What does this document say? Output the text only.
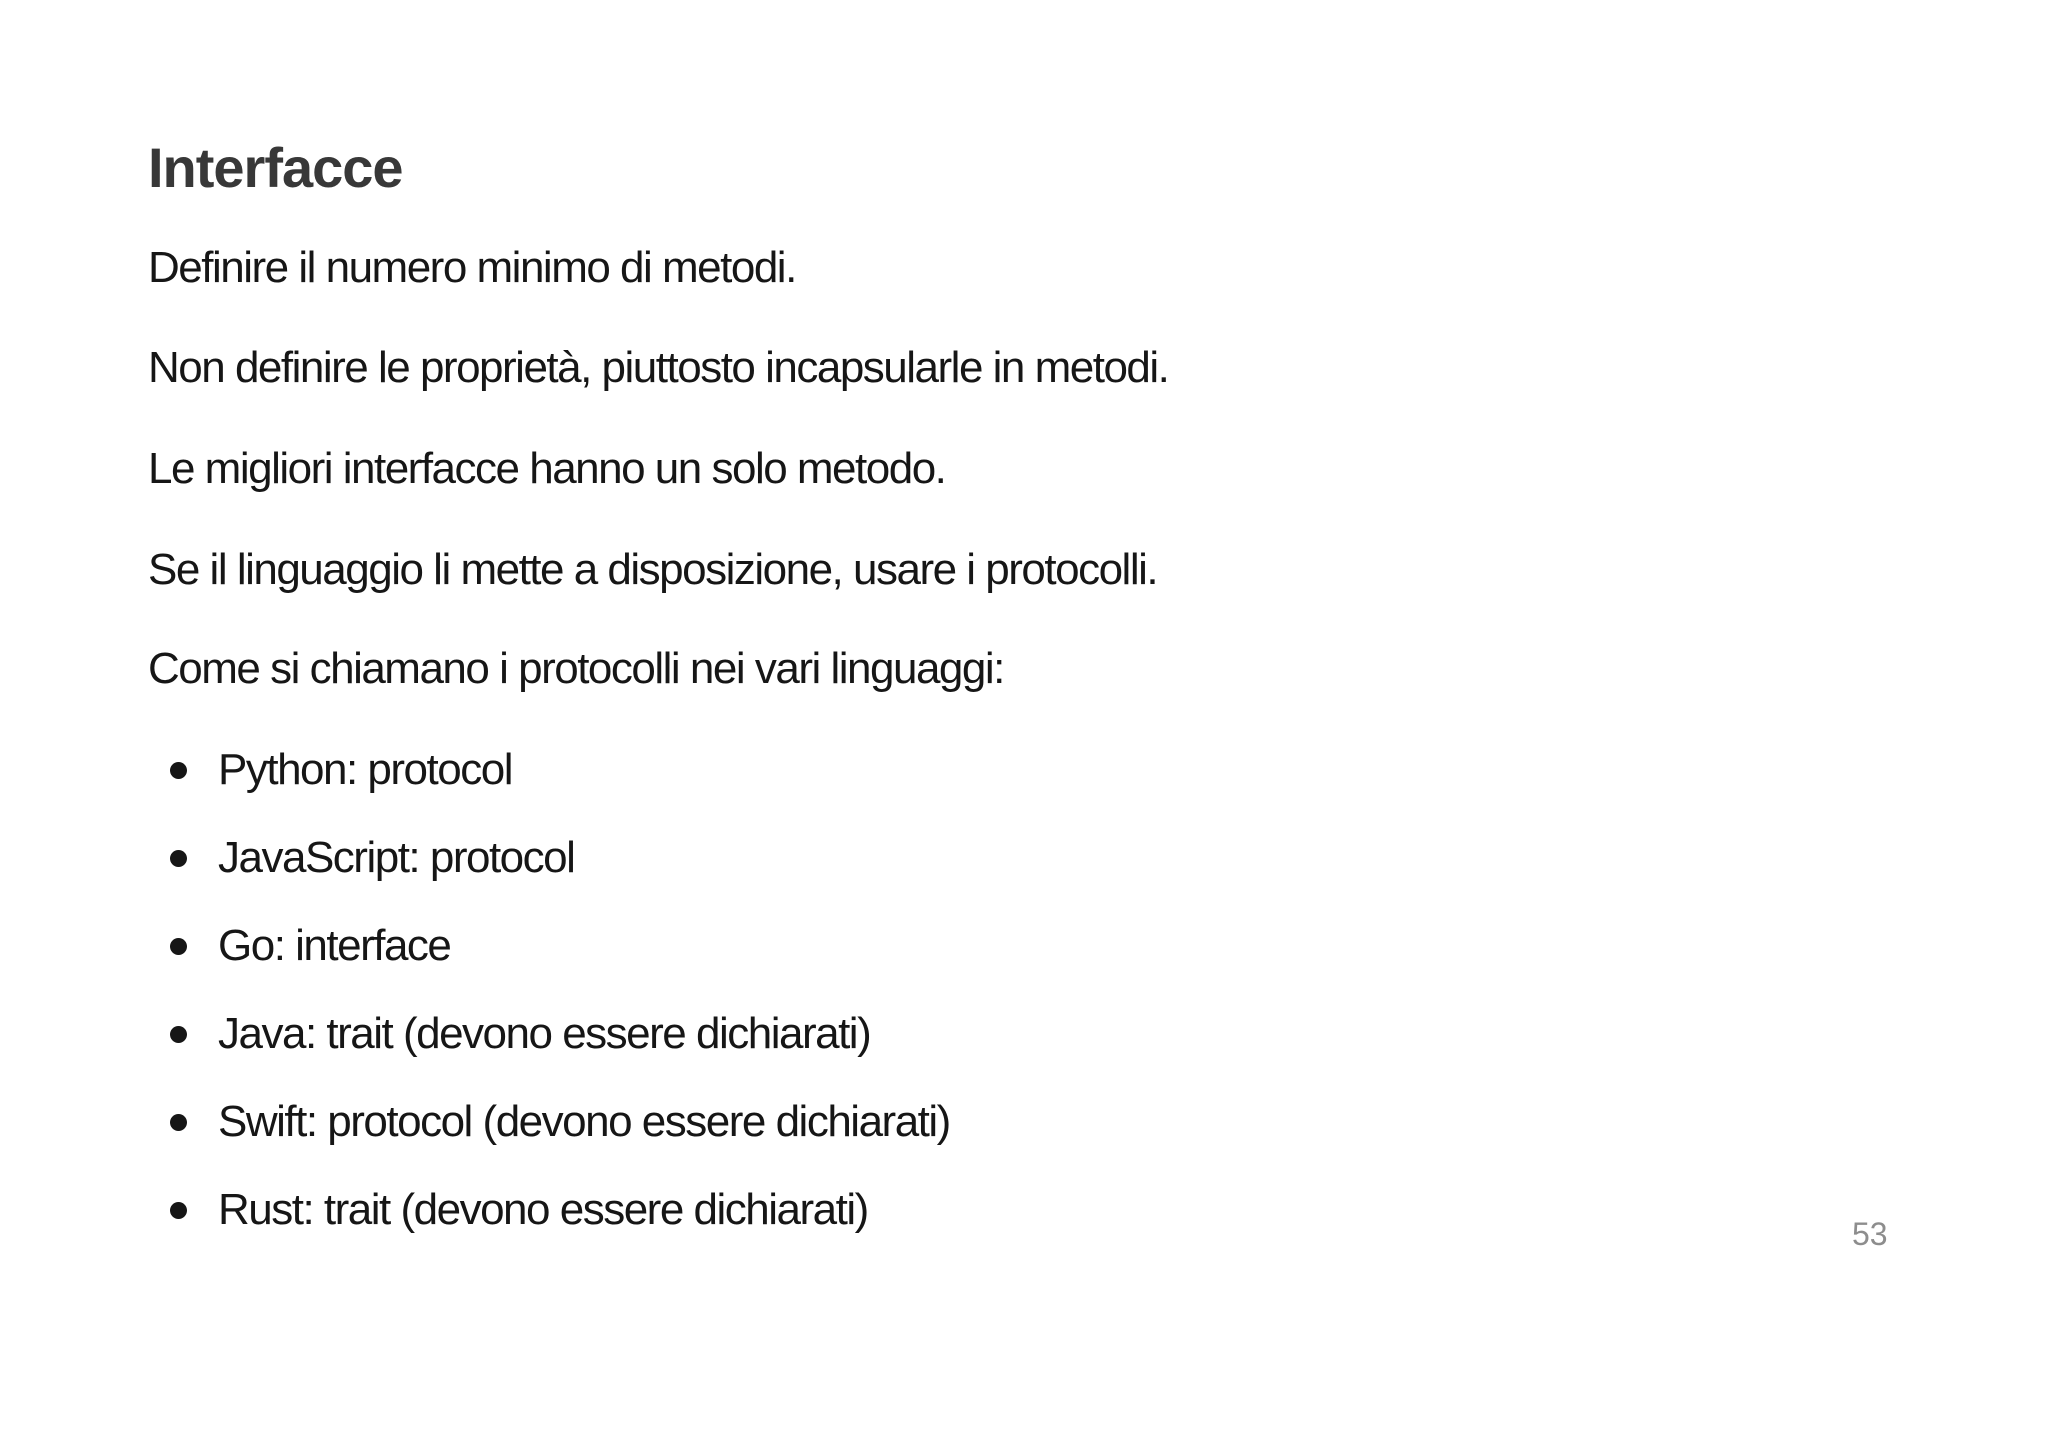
Interfacce

Definire il numero minimo di metodi.

Non definire le proprietà, piuttosto incapsularle in metodi.

Le migliori interfacce hanno un solo metodo.

Se il linguaggio li mette a disposizione, usare i protocolli.

Come si chiamano i protocolli nei vari linguaggi:

Python: protocol
JavaScript: protocol
Go: interface
Java: trait (devono essere dichiarati)
Swift: protocol (devono essere dichiarati)
Rust: trait (devono essere dichiarati)	53
